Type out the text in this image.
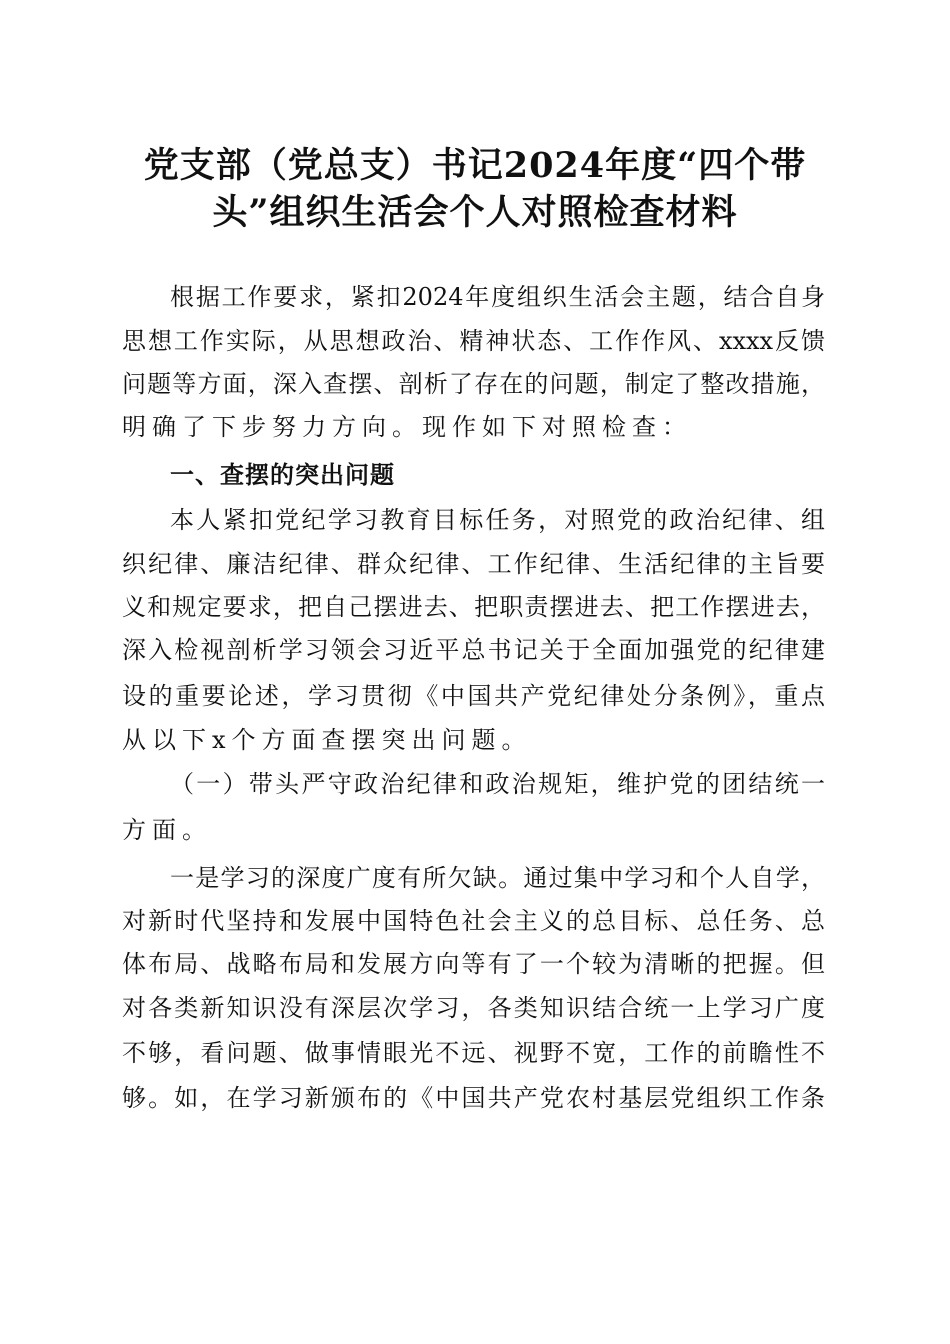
党支部（党总支）书记2024年度“四个带
头”组织生活会个人对照检查材料
根据工作要求，紧扣2024年度组织生活会主题，结合自身
思想工作实际，从思想政治、精神状态、工作作风、xxxx反馈
问题等方面，深入查摆、剖析了存在的问题，制定了整改措施，
明确了下步努力方向。现作如下对照检查：
一、查摆的突出问题
本人紧扣党纪学习教育目标任务，对照党的政治纪律、组
织纪律、廉洁纪律、群众纪律、工作纪律、生活纪律的主旨要
义和规定要求，把自己摆进去、把职责摆进去、把工作摆进去，
深入检视剖析学习领会习近平总书记关于全面加强党的纪律建
设的重要论述，学习贯彻《中国共产党纪律处分条例》，重点
从以下x个方面查摆突出问题。
（一）带头严守政治纪律和政治规矩，维护党的团结统一
方面。
一是学习的深度广度有所欠缺。通过集中学习和个人自学，
对新时代坚持和发展中国特色社会主义的总目标、总任务、总
体布局、战略布局和发展方向等有了一个较为清晰的把握。但
对各类新知识没有深层次学习，各类知识结合统一上学习广度
不够，看问题、做事情眼光不远、视野不宽，工作的前瞻性不
够。如，在学习新颁布的《中国共产党农村基层党组织工作条
